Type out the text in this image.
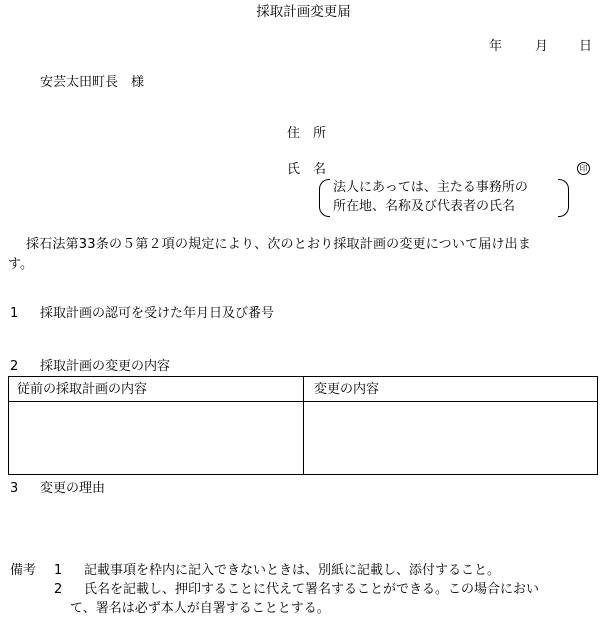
採取計画変更届
年	月 日
安芸太田町長　様
住　所
氏　名	印
法人にあっては、主たる事務所の
所在地、名称及び代表者の氏名
採石法第33条の５第２項の規定により、次のとおり採取計画の変更について届け出ま
す。
1 採取計画の認可を受けた年月日及び番号
2 採取計画の変更の内容
従前の採取計画の内容	変更の内容
3 変更の理由
備考 1 記載事項を枠内に記入できないときは、別紙に記載し、添付すること。
2 氏名を記載し、押印することに代えて署名することができる。この場合におい
て、署名は必ず本人が自署することとする。
